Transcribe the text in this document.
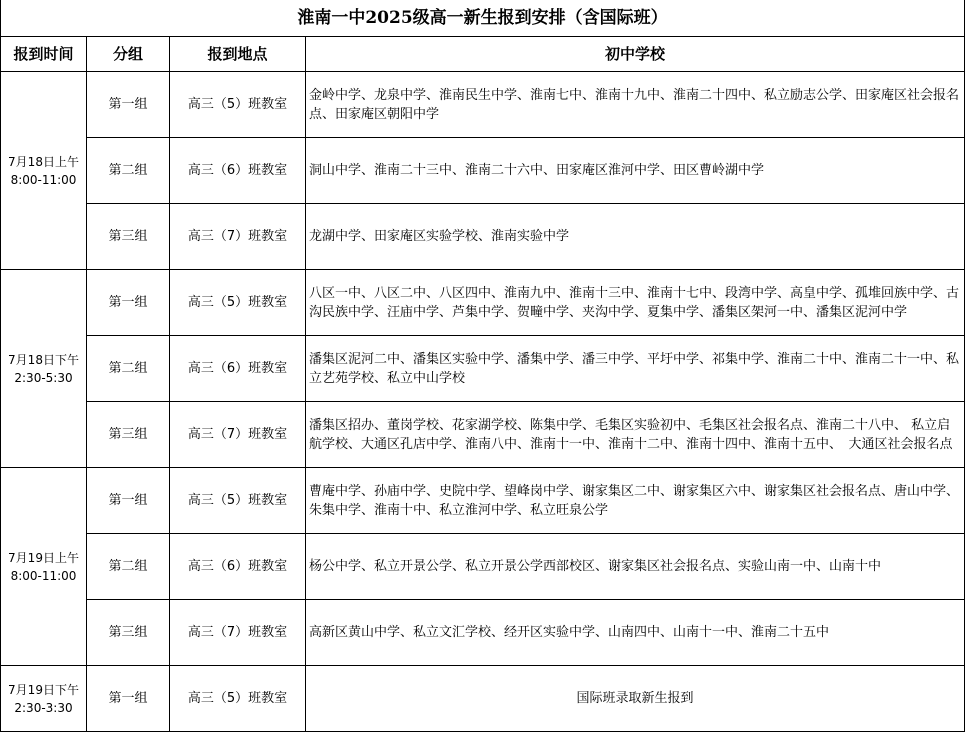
淮南一中2025级高一新生报到安排（含国际班）			
报到时间	分组	报到地点	初中学校

7月18日上午
8:00-11:00	第一组	高三（5）班教室	金岭中学、龙泉中学、淮南民生中学、淮南七中、淮南十九中、淮南二十四中、私立励志公学、田家庵区社会报名点、田家庵区朝阳中学
	第二组	高三（6）班教室	洞山中学、淮南二十三中、淮南二十六中、田家庵区淮河中学、田区曹岭湖中学
	第三组	高三（7）班教室	龙湖中学、田家庵区实验学校、淮南实验中学

7月18日下午
2:30-5:30	第一组	高三（5）班教室	八区一中、八区二中、八区四中、淮南九中、淮南十三中、淮南十七中、段湾中学、高皇中学、孤堆回族中学、古沟民族中学、汪庙中学、芦集中学、贺疃中学、夹沟中学、夏集中学、潘集区架河一中、潘集区泥河中学
	第二组	高三（6）班教室	潘集区泥河二中、潘集区实验中学、潘集中学、潘三中学、平圩中学、祁集中学、淮南二十中、淮南二十一中、私立艺苑学校、私立中山学校
	第三组	高三（7）班教室	潘集区招办、董岗学校、花家湖学校、陈集中学、毛集区实验初中、毛集区社会报名点、淮南二十八中、 私立启航学校、大通区孔店中学、淮南八中、淮南十一中、淮南十二中、淮南十四中、淮南十五中、　大通区社会报名点

7月19日上午
8:00-11:00	第一组	高三（5）班教室	曹庵中学、孙庙中学、史院中学、望峰岗中学、谢家集区二中、谢家集区六中、谢家集区社会报名点、唐山中学、 朱集中学、淮南十中、私立淮河中学、私立旺泉公学
	第二组	高三（6）班教室	杨公中学、私立开景公学、私立开景公学西部校区、谢家集区社会报名点、实验山南一中、山南十中
	第三组	高三（7）班教室	高新区黄山中学、私立文汇学校、经开区实验中学、山南四中、山南十一中、淮南二十五中

7月19日下午
2:30-3:30	第一组	高三（5）班教室	国际班录取新生报到
